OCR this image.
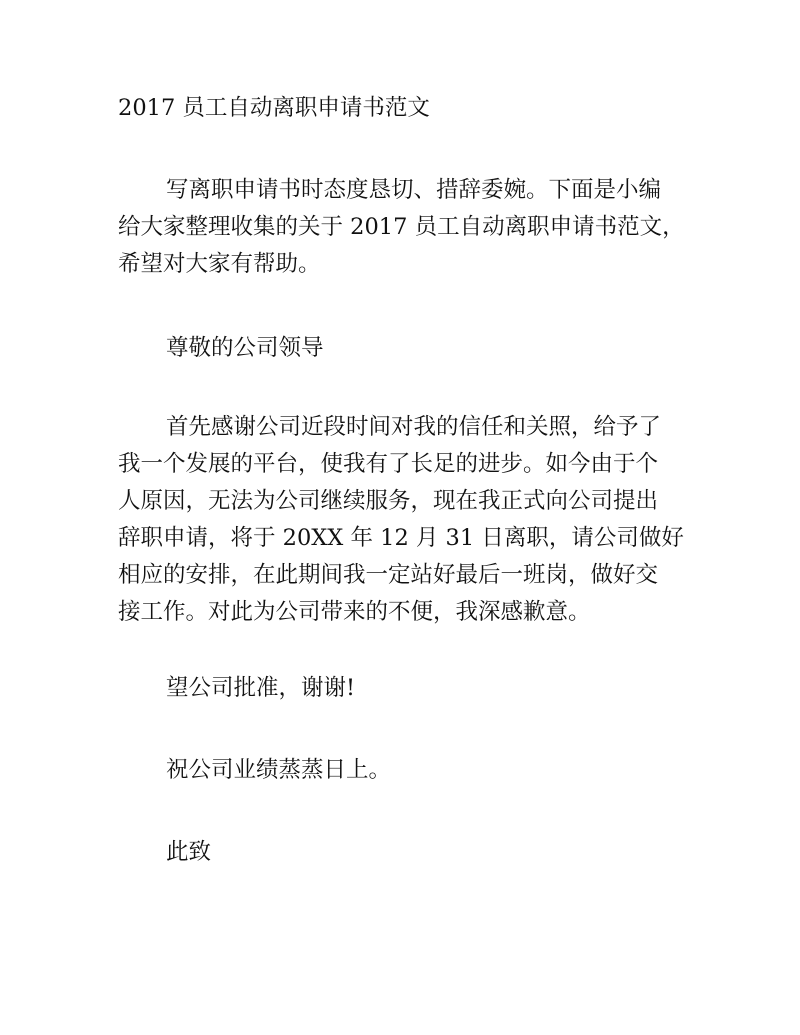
2017 员工自动离职申请书范文

写离职申请书时态度恳切、措辞委婉。下面是小编
给大家整理收集的关于 2017 员工自动离职申请书范文，
希望对大家有帮助。

尊敬的公司领导

首先感谢公司近段时间对我的信任和关照，给予了
我一个发展的平台，使我有了长足的进步。如今由于个
人原因，无法为公司继续服务，现在我正式向公司提出
辞职申请，将于 20XX 年 12 月 31 日离职，请公司做好
相应的安排，在此期间我一定站好最后一班岗，做好交
接工作。对此为公司带来的不便，我深感歉意。

望公司批准，谢谢!

祝公司业绩蒸蒸日上。

此致
